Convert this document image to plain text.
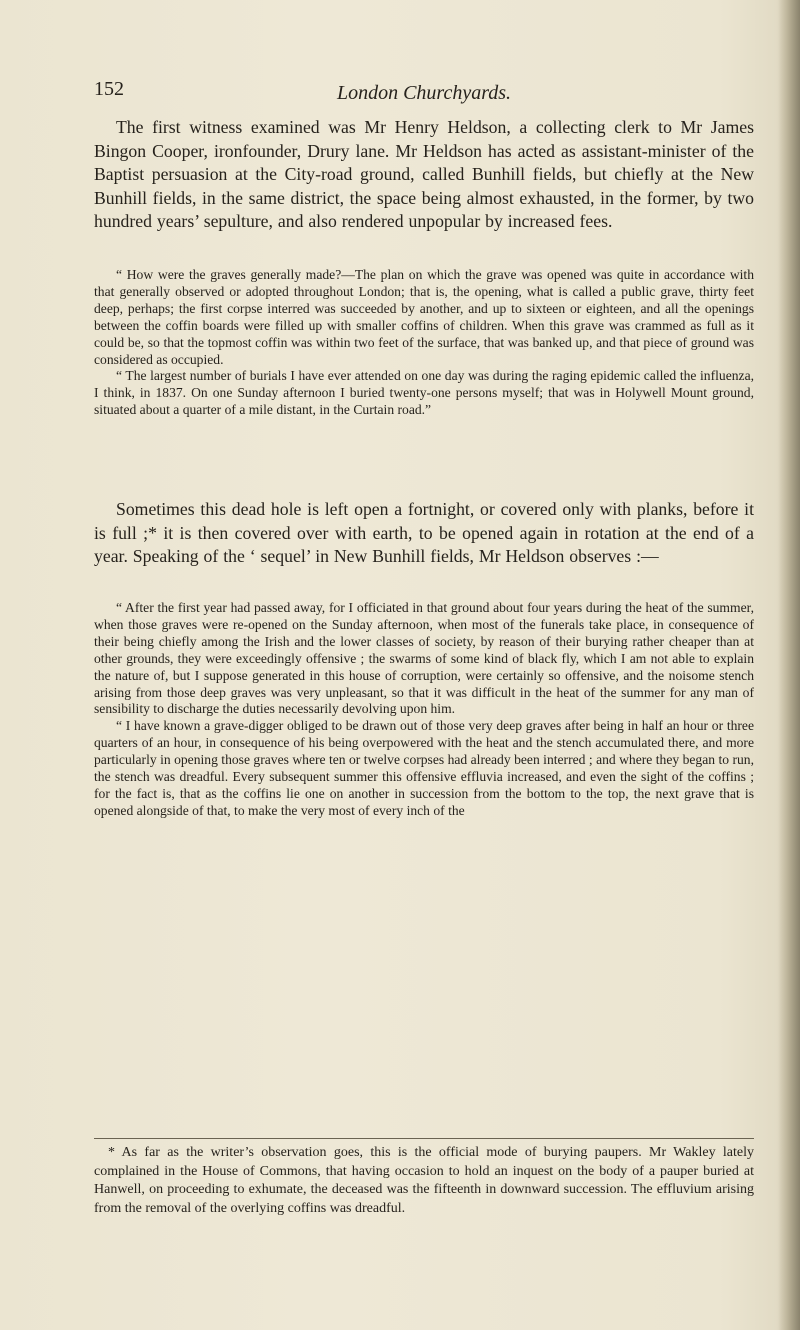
152	London Churchyards.

The first witness examined was Mr Henry Heldson, a collecting clerk to Mr James Bingon Cooper, ironfounder, Drury lane. Mr Heldson has acted as assistant-minister of the Baptist persuasion at the City-road ground, called Bunhill fields, but chiefly at the New Bunhill fields, in the same district, the space being almost exhausted, in the former, by two hundred years’ sepulture, and also rendered unpopular by increased fees.

“ How were the graves generally made?—The plan on which the grave was opened was quite in accordance with that generally observed or adopted throughout London; that is, the opening, what is called a public grave, thirty feet deep, perhaps; the first corpse interred was succeeded by another, and up to sixteen or eighteen, and all the openings between the coffin boards were filled up with smaller coffins of children. When this grave was crammed as full as it could be, so that the topmost coffin was within two feet of the surface, that was banked up, and that piece of ground was considered as occupied.

“ The largest number of burials I have ever attended on one day was during the raging epidemic called the influenza, I think, in 1837. On one Sunday afternoon I buried twenty-one persons myself; that was in Holywell Mount ground, situated about a quarter of a mile distant, in the Curtain road.”

Sometimes this dead hole is left open a fortnight, or covered only with planks, before it is full ;* it is then covered over with earth, to be opened again in rotation at the end of a year. Speaking of the ‘ sequel’ in New Bunhill fields, Mr Heldson observes :—

“ After the first year had passed away, for I officiated in that ground about four years during the heat of the summer, when those graves were re-opened on the Sunday afternoon, when most of the funerals take place, in consequence of their being chiefly among the Irish and the lower classes of society, by reason of their burying rather cheaper than at other grounds, they were exceedingly offensive ; the swarms of some kind of black fly, which I am not able to explain the nature of, but I suppose generated in this house of corruption, were certainly so offensive, and the noisome stench arising from those deep graves was very unpleasant, so that it was difficult in the heat of the summer for any man of sensibility to discharge the duties necessarily devolving upon him.

“ I have known a grave-digger obliged to be drawn out of those very deep graves after being in half an hour or three quarters of an hour, in consequence of his being overpowered with the heat and the stench accumulated there, and more particularly in opening those graves where ten or twelve corpses had already been interred ; and where they began to run, the stench was dreadful. Every subsequent summer this offensive effluvia increased, and even the sight of the coffins ; for the fact is, that as the coffins lie one on another in succession from the bottom to the top, the next grave that is opened alongside of that, to make the very most of every inch of the

* As far as the writer’s observation goes, this is the official mode of burying paupers. Mr Wakley lately complained in the House of Commons, that having occasion to hold an inquest on the body of a pauper buried at Hanwell, on proceeding to exhumate, the deceased was the fifteenth in downward succession. The effluvium arising from the removal of the overlying coffins was dreadful.
